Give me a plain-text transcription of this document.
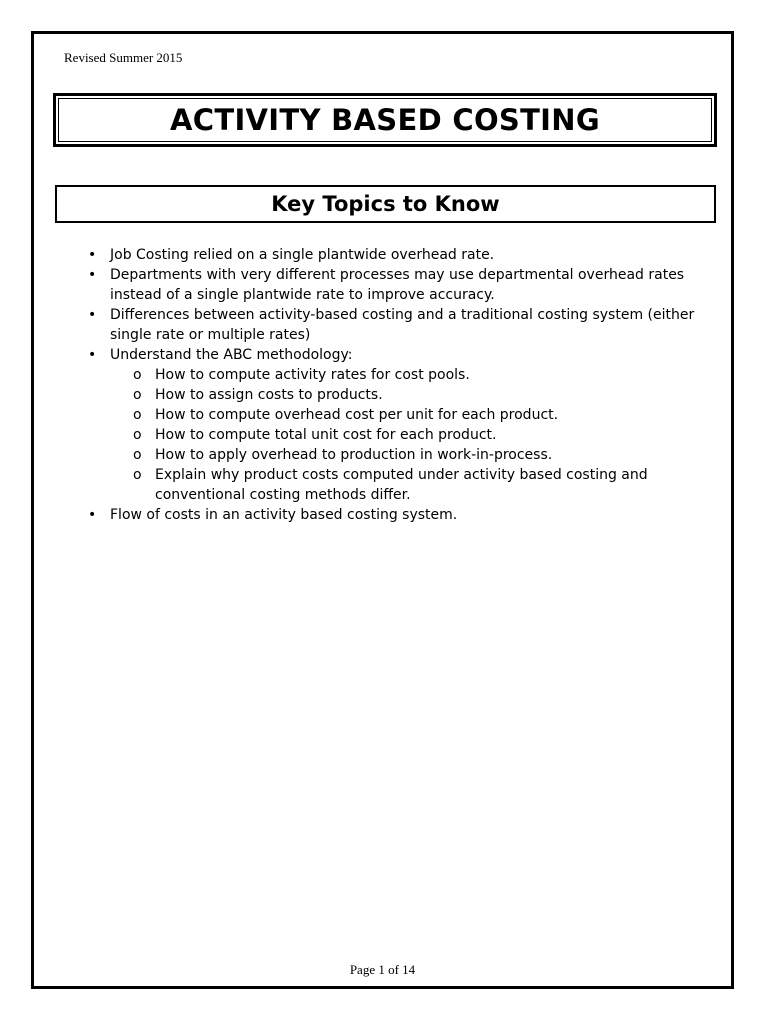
Revised Summer 2015
ACTIVITY BASED COSTING
Key Topics to Know
• Job Costing relied on a single plantwide overhead rate.
• Departments with very different processes may use departmental overhead rates instead of a single plantwide rate to improve accuracy.
• Differences between activity-based costing and a traditional costing system (either single rate or multiple rates)
• Understand the ABC methodology:
o How to compute activity rates for cost pools.
o How to assign costs to products.
o How to compute overhead cost per unit for each product.
o How to compute total unit cost for each product.
o How to apply overhead to production in work-in-process.
o Explain why product costs computed under activity based costing and conventional costing methods differ.
• Flow of costs in an activity based costing system.
Page 1 of 14
